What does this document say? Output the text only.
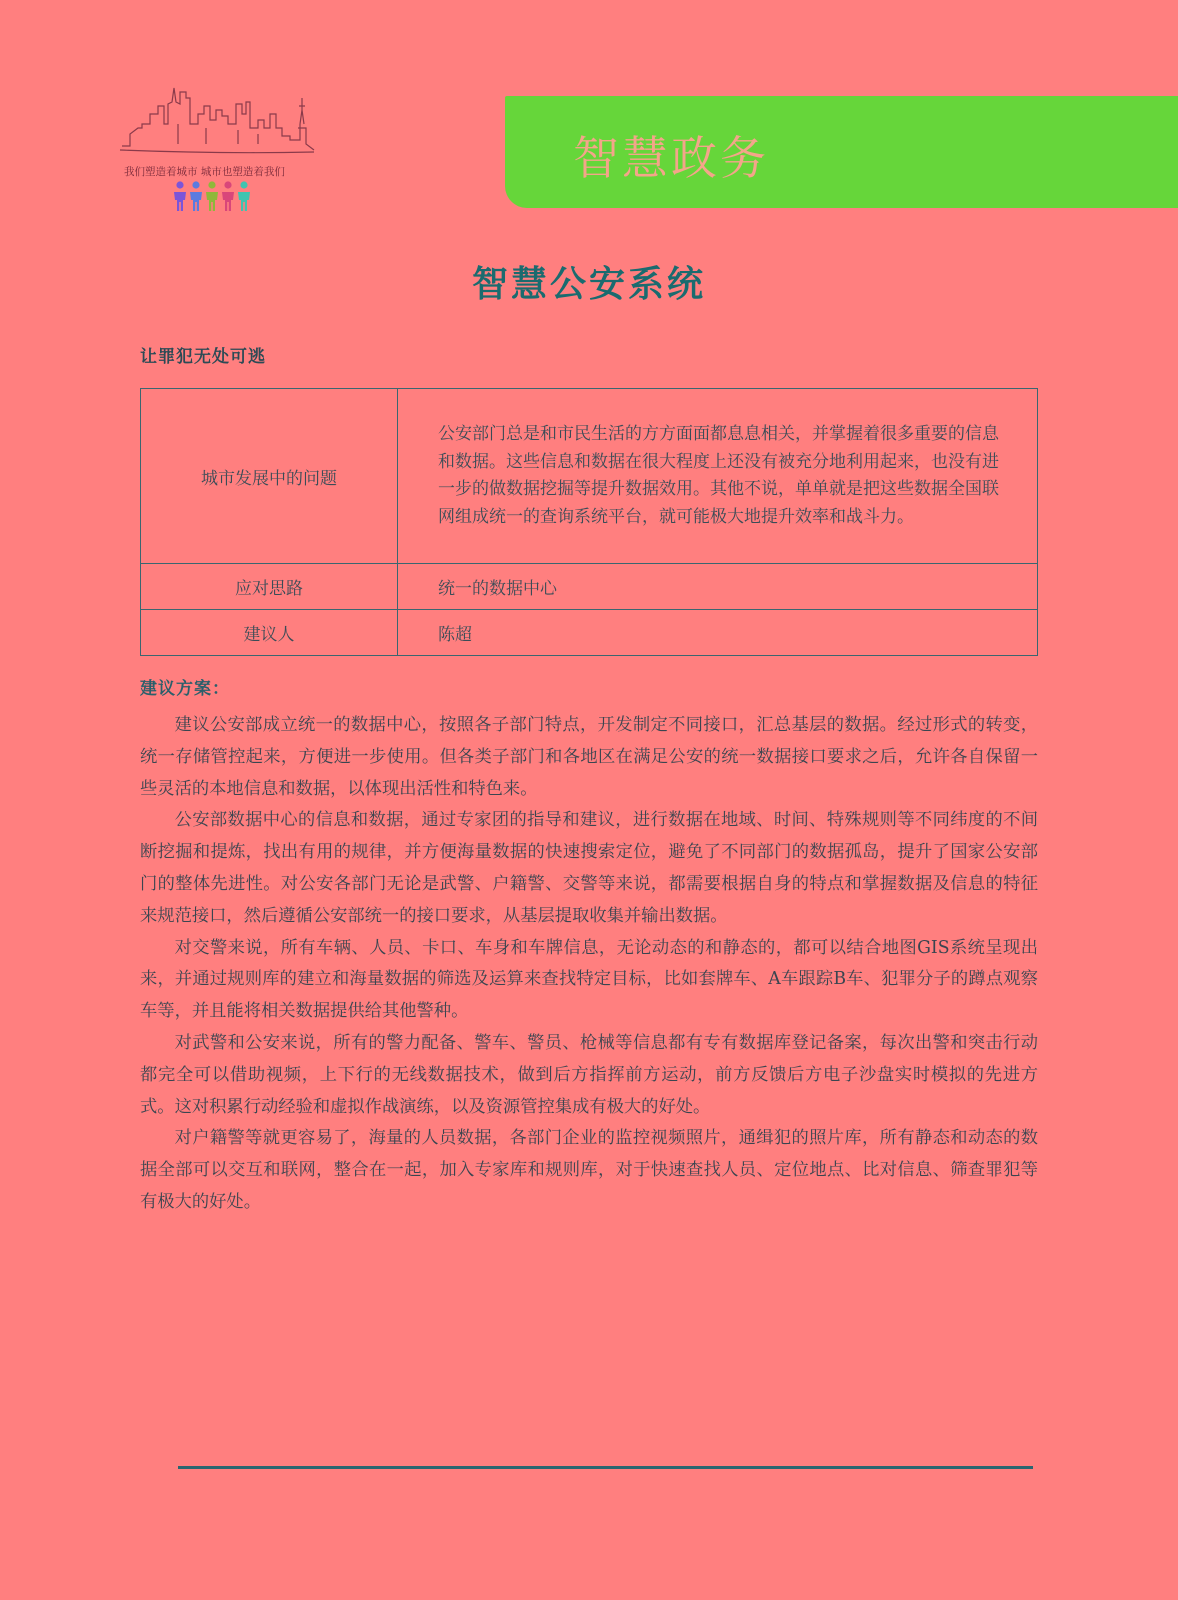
我们塑造着城市 城市也塑造着我们	智慧政务
智慧公安系统
让罪犯无处可逃
城市发展中的问题	公安部门总是和市民生活的方方面面都息息相关，并掌握着很多重要的信息和数据。这些信息和数据在很大程度上还没有被充分地利用起来，也没有进一步的做数据挖掘等提升数据效用。其他不说，单单就是把这些数据全国联网组成统一的查询系统平台，就可能极大地提升效率和战斗力。
应对思路	统一的数据中心
建议人	陈超
建议方案：

建议公安部成立统一的数据中心，按照各子部门特点，开发制定不同接口，汇总基层的数据。经过形式的转变，统一存储管控起来，方便进一步使用。但各类子部门和各地区在满足公安的统一数据接口要求之后，允许各自保留一些灵活的本地信息和数据，以体现出活性和特色来。

公安部数据中心的信息和数据，通过专家团的指导和建议，进行数据在地域、时间、特殊规则等不同纬度的不间断挖掘和提炼，找出有用的规律，并方便海量数据的快速搜索定位，避免了不同部门的数据孤岛，提升了国家公安部门的整体先进性。对公安各部门无论是武警、户籍警、交警等来说，都需要根据自身的特点和掌握数据及信息的特征来规范接口，然后遵循公安部统一的接口要求，从基层提取收集并输出数据。

对交警来说，所有车辆、人员、卡口、车身和车牌信息，无论动态的和静态的，都可以结合地图GIS系统呈现出来，并通过规则库的建立和海量数据的筛选及运算来查找特定目标，比如套牌车、A车跟踪B车、犯罪分子的蹲点观察车等，并且能将相关数据提供给其他警种。

对武警和公安来说，所有的警力配备、警车、警员、枪械等信息都有专有数据库登记备案，每次出警和突击行动都完全可以借助视频，上下行的无线数据技术，做到后方指挥前方运动，前方反馈后方电子沙盘实时模拟的先进方式。这对积累行动经验和虚拟作战演练，以及资源管控集成有极大的好处。

对户籍警等就更容易了，海量的人员数据，各部门企业的监控视频照片，通缉犯的照片库，所有静态和动态的数据全部可以交互和联网，整合在一起，加入专家库和规则库，对于快速查找人员、定位地点、比对信息、筛查罪犯等有极大的好处。
